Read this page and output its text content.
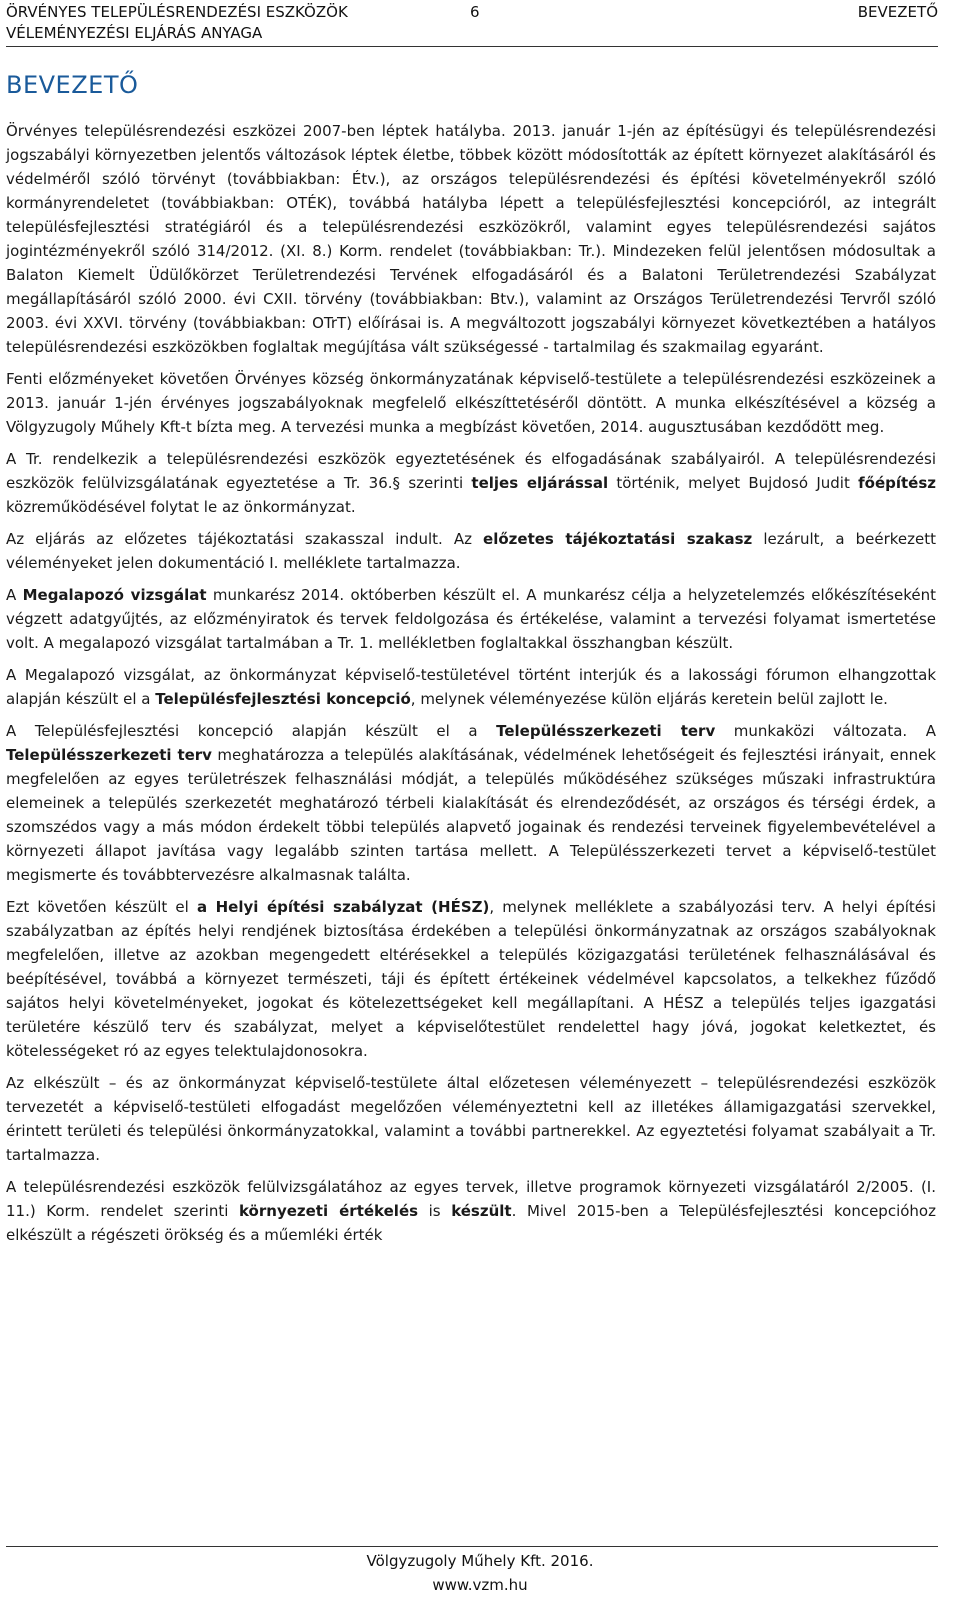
ÖRVÉNYES TELEPÜLÉSRENDEZÉSI ESZKÖZÖK	6	BEVEZETŐ
VÉLEMÉNYEZÉSI ELJÁRÁS ANYAGA
BEVEZETŐ

Örvényes településrendezési eszközei 2007-ben léptek hatályba. 2013. január 1-jén az építésügyi és településrendezési jogszabályi környezetben jelentős változások léptek életbe, többek között módosították az épített környezet alakításáról és védelméről szóló törvényt (továbbiakban: Étv.), az országos településrendezési és építési követelményekről szóló kormányrendeletet (továbbiakban: OTÉK), továbbá hatályba lépett a településfejlesztési koncepcióról, az integrált településfejlesztési stratégiáról és a településrendezési eszközökről, valamint egyes településrendezési sajátos jogintézményekről szóló 314/2012. (XI. 8.) Korm. rendelet (továbbiakban: Tr.). Mindezeken felül jelentősen módosultak a Balaton Kiemelt Üdülőkörzet Területrendezési Tervének elfogadásáról és a Balatoni Területrendezési Szabályzat megállapításáról szóló 2000. évi CXII. törvény (továbbiakban: Btv.), valamint az Országos Területrendezési Tervről szóló 2003. évi XXVI. törvény (továbbiakban: OTrT) előírásai is. A megváltozott jogszabályi környezet következtében a hatályos településrendezési eszközökben foglaltak megújítása vált szükségessé - tartalmilag és szakmailag egyaránt.

Fenti előzményeket követően Örvényes község önkormányzatának képviselő-testülete a településrendezési eszközeinek a 2013. január 1-jén érvényes jogszabályoknak megfelelő elkészíttetéséről döntött. A munka elkészítésével a község a Völgyzugoly Műhely Kft-t bízta meg. A tervezési munka a megbízást követően, 2014. augusztusában kezdődött meg.

A Tr. rendelkezik a településrendezési eszközök egyeztetésének és elfogadásának szabályairól. A településrendezési eszközök felülvizsgálatának egyeztetése a Tr. 36.§ szerinti teljes eljárással történik, melyet Bujdosó Judit főépítész közreműködésével folytat le az önkormányzat.

Az eljárás az előzetes tájékoztatási szakasszal indult. Az előzetes tájékoztatási szakasz lezárult, a beérkezett véleményeket jelen dokumentáció I. melléklete tartalmazza.

A Megalapozó vizsgálat munkarész 2014. októberben készült el. A munkarész célja a helyzetelemzés előkészítéseként végzett adatgyűjtés, az előzményiratok és tervek feldolgozása és értékelése, valamint a tervezési folyamat ismertetése volt. A megalapozó vizsgálat tartalmában a Tr. 1. mellékletben foglaltakkal összhangban készült.

A Megalapozó vizsgálat, az önkormányzat képviselő-testületével történt interjúk és a lakossági fórumon elhangzottak alapján készült el a Településfejlesztési koncepció, melynek véleményezése külön eljárás keretein belül zajlott le.

A Településfejlesztési koncepció alapján készült el a Településszerkezeti terv munkaközi változata. A Településszerkezeti terv meghatározza a település alakításának, védelmének lehetőségeit és fejlesztési irányait, ennek megfelelően az egyes területrészek felhasználási módját, a település működéséhez szükséges műszaki infrastruktúra elemeinek a település szerkezetét meghatározó térbeli kialakítását és elrendeződését, az országos és térségi érdek, a szomszédos vagy a más módon érdekelt többi település alapvető jogainak és rendezési terveinek figyelembevételével a környezeti állapot javítása vagy legalább szinten tartása mellett. A Településszerkezeti tervet a képviselő-testület megismerte és továbbtervezésre alkalmasnak találta.

Ezt követően készült el a Helyi építési szabályzat (HÉSZ), melynek melléklete a szabályozási terv. A helyi építési szabályzatban az építés helyi rendjének biztosítása érdekében a települési önkormányzatnak az országos szabályoknak megfelelően, illetve az azokban megengedett eltérésekkel a település közigazgatási területének felhasználásával és beépítésével, továbbá a környezet természeti, táji és épített értékeinek védelmével kapcsolatos, a telkekhez fűződő sajátos helyi követelményeket, jogokat és kötelezettségeket kell megállapítani. A HÉSZ a település teljes igazgatási területére készülő terv és szabályzat, melyet a képviselőtestület rendelettel hagy jóvá, jogokat keletkeztet, és kötelességeket ró az egyes telektulajdonosokra.

Az elkészült – és az önkormányzat képviselő-testülete által előzetesen véleményezett – településrendezési eszközök tervezetét a képviselő-testületi elfogadást megelőzően véleményeztetni kell az illetékes államigazgatási szervekkel, érintett területi és települési önkormányzatokkal, valamint a további partnerekkel. Az egyeztetési folyamat szabályait a Tr. tartalmazza.

A településrendezési eszközök felülvizsgálatához az egyes tervek, illetve programok környezeti vizsgálatáról 2/2005. (I. 11.) Korm. rendelet szerinti környezeti értékelés is készült. Mivel 2015-ben a Településfejlesztési koncepcióhoz elkészült a régészeti örökség és a műemléki érték

Völgyzugoly Műhely Kft. 2016.
www.vzm.hu
